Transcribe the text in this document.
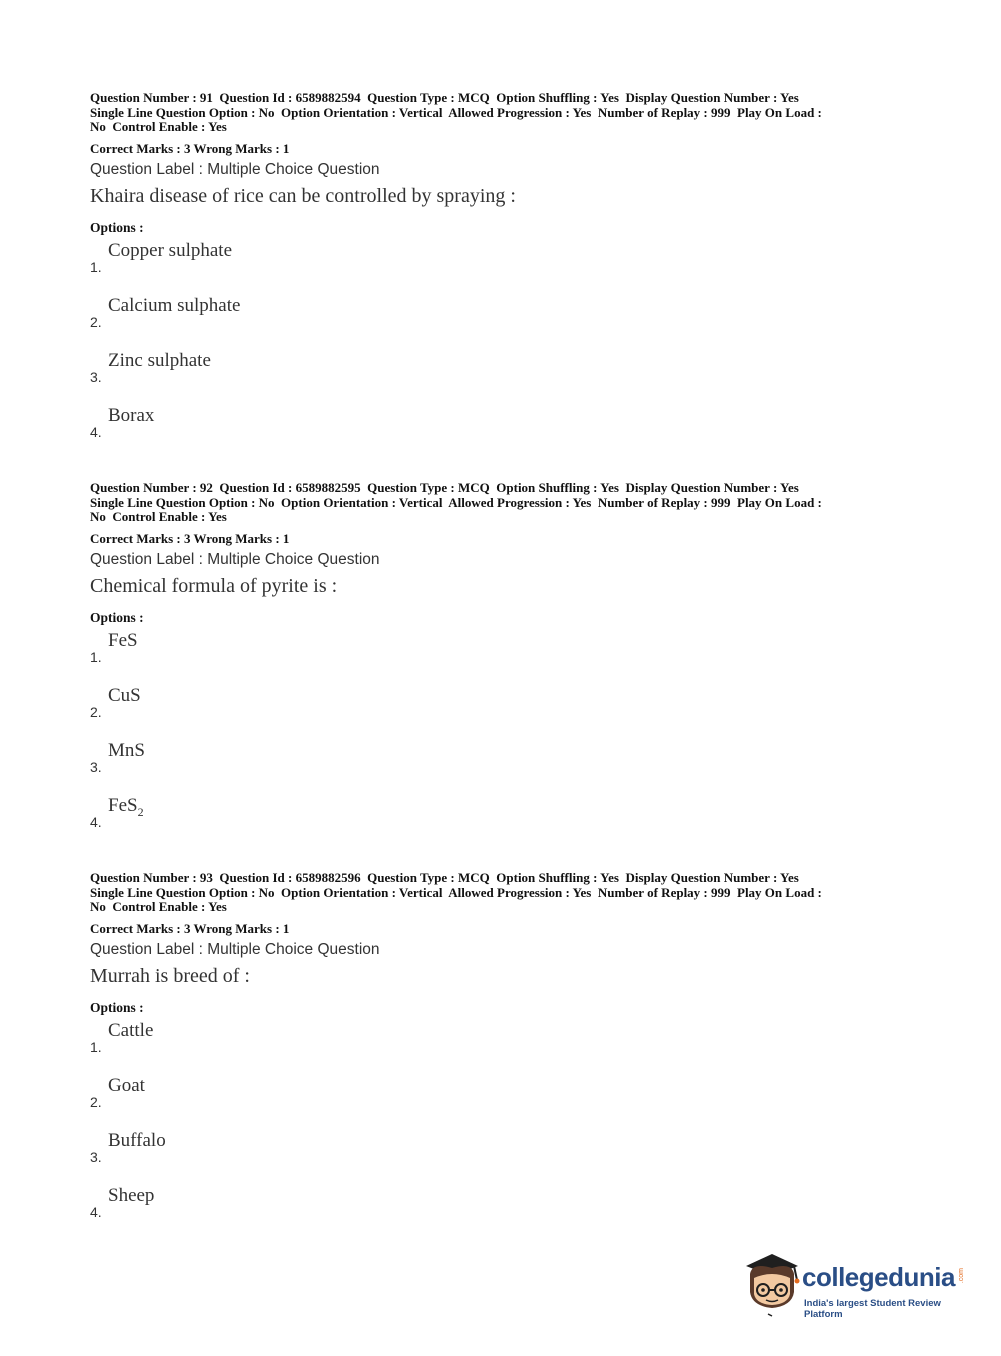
Question Number : 91  Question Id : 6589882594  Question Type : MCQ  Option Shuffling : Yes  Display Question Number : Yes
Single Line Question Option : No  Option Orientation : Vertical  Allowed Progression : Yes  Number of Replay : 999  Play On Load :
No  Control Enable : Yes
Correct Marks : 3 Wrong Marks : 1
Question Label : Multiple Choice Question
Khaira disease of rice can be controlled by spraying :
Options :
1.
Copper sulphate
2.
Calcium sulphate
3.
Zinc sulphate
4.
Borax
Question Number : 92  Question Id : 6589882595  Question Type : MCQ  Option Shuffling : Yes  Display Question Number : Yes
Single Line Question Option : No  Option Orientation : Vertical  Allowed Progression : Yes  Number of Replay : 999  Play On Load :
No  Control Enable : Yes
Correct Marks : 3 Wrong Marks : 1
Question Label : Multiple Choice Question
Chemical formula of pyrite is :
Options :
1.
FeS
2.
CuS
3.
MnS
4.
FeS$_2$
Question Number : 93  Question Id : 6589882596  Question Type : MCQ  Option Shuffling : Yes  Display Question Number : Yes
Single Line Question Option : No  Option Orientation : Vertical  Allowed Progression : Yes  Number of Replay : 999  Play On Load :
No  Control Enable : Yes
Correct Marks : 3 Wrong Marks : 1
Question Label : Multiple Choice Question
Murrah is breed of :
Options :
1.
Cattle
2.
Goat
3.
Buffalo
4.
Sheep
collegedunia .com
India's largest Student Review Platform
